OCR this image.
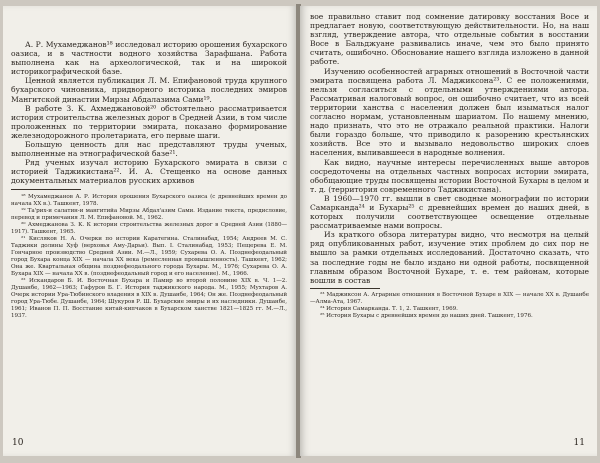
А. Р. Мухамеджанов¹⁸ исследовал историю орошения бухарского оазиса, и в частности водного хозяйства Зарафшана. Работа выполнена как на археологической, так и на широкой историкографической базе.

Ценной является публикация Л. М. Епифановой труда крупного бухарского чиновника, придворного историка последних эмиров Мангитской династии Мирзы Абдалазима Сами¹⁹.

В работе З. К. Ахмеджановой²⁰ обстоятельно рассматривается история строительства железных дорог в Средней Азии, в том числе проложенных по территории эмирата, показано формирование железнодорожного пролетариата, его первые шаги.

Большую ценность для нас представляют труды ученых, выполненные на этнографической базе²¹.

Ряд ученых изучал историю Бухарского эмирата в связи с историей Таджикистана²². И. А. Стещенко на основе данных документальных материалов русских архивов

¹⁸ Мухамеджанов А. Р. История орошения Бухарского оазиса (с древнейших времен до начала XX в.). Ташкент, 1978.

¹⁹ Та'рих-и салатин-и мангитийа Мирзы Абдал'азим Сами. Издание текста, предисловие, перевод и примечания Л. М. Епифановой. М., 1962.

²⁰ Ахмеджанова З. К. К истории строительства железных дорог в Средней Азии (1880—1917). Ташкент, 1965.

²¹ Кисляков Н. А. Очерки по истории Каратегина. Сталинабад, 1954; Андреев М. С. Таджики долины Хуф (верховья Аму-Дарьи). Вып. I. Сталинабад, 1953; Пещерева Е. М. Гончарное производство Средней Азии. М.—Л., 1959; Сухарева О. А. Позднефеодальный город Бухара конца XIX — начала XX века (ремесленная промышленность). Ташкент, 1962; Она же. Квартальная община позднефеодального города Бухары. М., 1976; Сухарева О. А. Бухара XIX — начала XX в. (позднефеодальный город и его население). М., 1966.

²² Искандаров Б. И. Восточная Бухара и Памир во второй половине XIX в. Ч. 1—2. Душанбе, 1962—1963; Гафуров Б. Г. История таджикского народа. М., 1955; Мухтаров А. Очерк истории Ура-Тюбинского владения в XIX в. Душанбе, 1964; Он же. Позднефеодальный город Ура-Тюбе. Душанбе, 1964; Шукуров Р. Ш. Бухарские эмиры и их наследники. Душанбе, 1961; Иванов П. П. Восстание китай-кипчаков в Бухарском ханстве 1821—1825 гг. М.—Л., 1937.

10

вое правильно ставит под сомнение датировку восстания Восе и предлагает новую, соответствующую действительности. Но, на наш взгляд, утверждение автора, что отдельные события в восстании Восе в Бальджуане развивались иначе, чем это было принято считать, ошибочно. Обоснование нашего взгляда изложено в данной работе.

Изучению особенностей аграрных отношений в Восточной части эмирата посвящена работа Л. Маджиксона²³. С ее положениями, нельзя согласиться с отдельными утверждениями автора. Рассматривая налоговый вопрос, он ошибочно считает, что из всей территории ханства с населения должен был изыматься налог согласно нормам, установленным шариатом. По нашему мнению, надо признать, что это не отражало реальной практики. Налоги были гораздо больше, что приводило к разорению крестьянских хозяйств. Все это и вызывало недовольство широких слоев населения, выливавшееся в народные волнения.

Как видно, научные интересы перечисленных выше авторов сосредоточены на отдельных частных вопросах истории эмирата, обобщающие труды посвящены истории Восточной Бухары в целом и т. д. (территория современного Таджикистана).

В 1960—1970 гг. вышли в свет сводные монографии по истории Самарканда²⁴ и Бухары²⁵ с древнейших времен до наших дней, в которых получили соответствующее освещение отдельные рассматриваемые нами вопросы.

Из краткого обзора литературы видно, что несмотря на целый ряд опубликованных работ, изучение этих проблем до сих пор не вышло за рамки отдельных исследований. Достаточно сказать, что за последние годы не было издано ни одной работы, посвященной главным образом Восточной Бухаре, т. е. тем районам, которые вошли в состав

²³ Маджиксон А. Аграрные отношения в Восточной Бухаре в XIX — начале XX в. Душанбе—Алма-Ата, 1967.

²⁴ История Самарканда. Т. 1, 2. Ташкент, 1969.

²⁵ История Бухары с древнейших времен до наших дней. Ташкент, 1976.

11
